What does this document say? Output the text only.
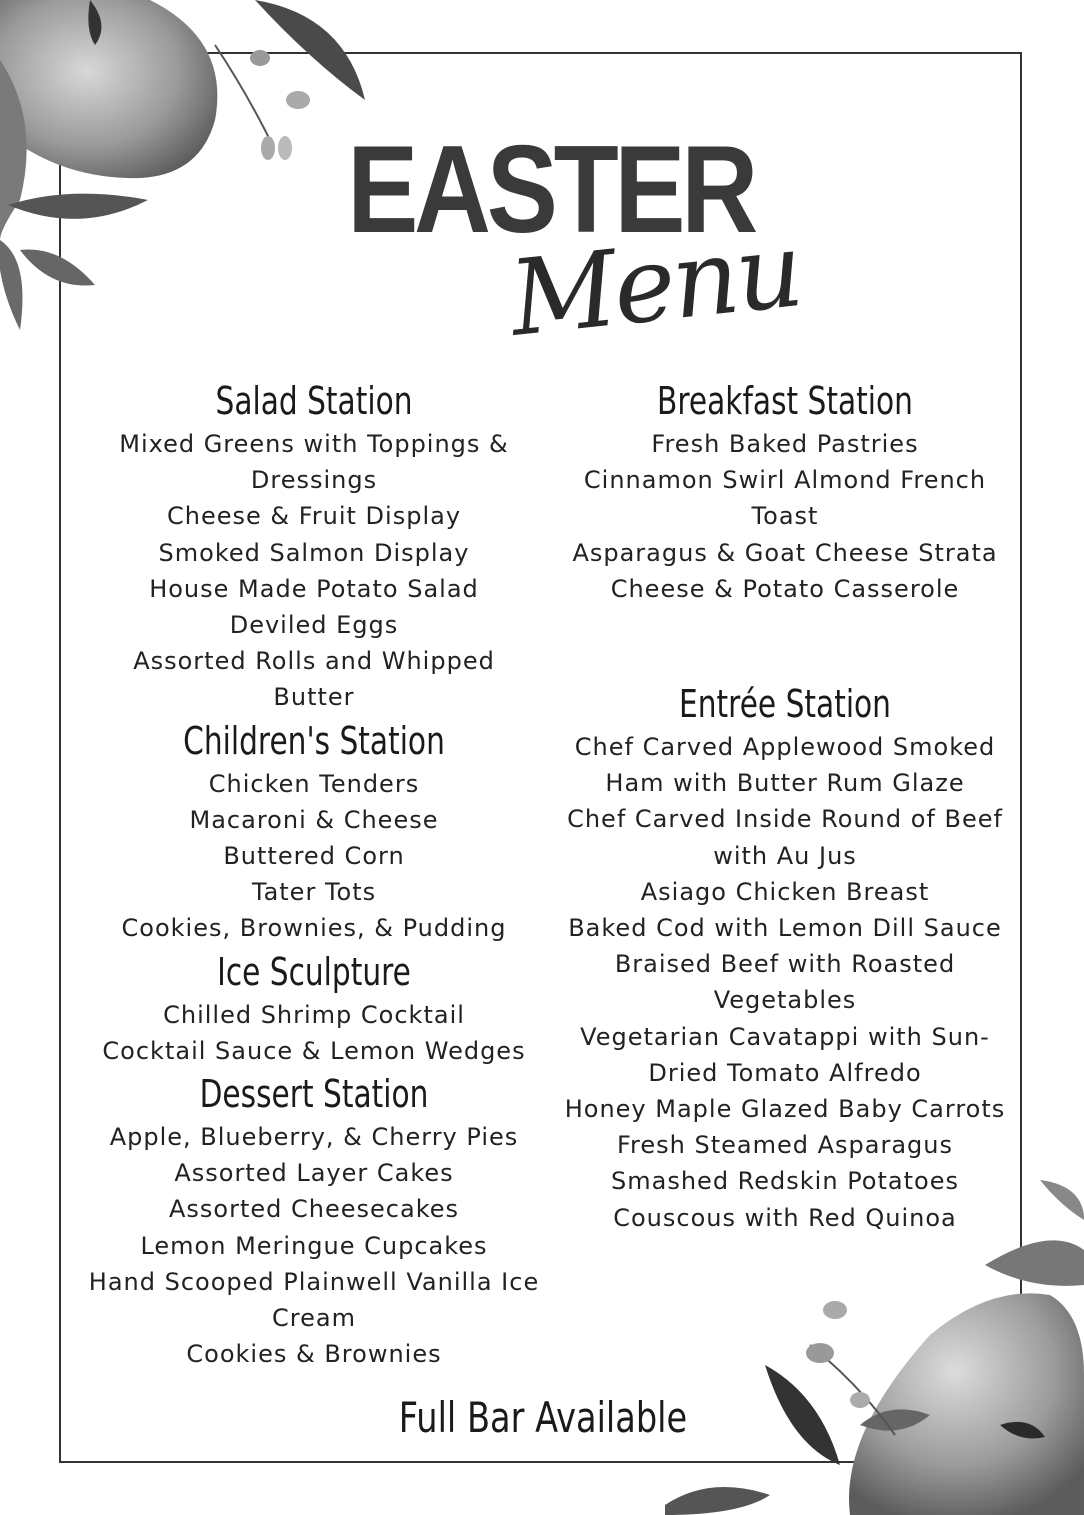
EASTER
Menu
Salad Station
Mixed Greens with Toppings &
Dressings
Cheese & Fruit Display
Smoked Salmon Display
House Made Potato Salad
Deviled Eggs
Assorted Rolls and Whipped
Butter
Children's Station
Chicken Tenders
Macaroni & Cheese
Buttered Corn
Tater Tots
Cookies, Brownies, & Pudding
Ice Sculpture
Chilled Shrimp Cocktail
Cocktail Sauce & Lemon Wedges
Dessert Station
Apple, Blueberry, & Cherry Pies
Assorted Layer Cakes
Assorted Cheesecakes
Lemon Meringue Cupcakes
Hand Scooped Plainwell Vanilla Ice
Cream
Cookies & Brownies
Breakfast Station
Fresh Baked Pastries
Cinnamon Swirl Almond French
Toast
Asparagus & Goat Cheese Strata
Cheese & Potato Casserole
Entrée Station
Chef Carved Applewood Smoked
Ham with Butter Rum Glaze
Chef Carved Inside Round of Beef
with Au Jus
Asiago Chicken Breast
Baked Cod with Lemon Dill Sauce
Braised Beef with Roasted
Vegetables
Vegetarian Cavatappi with Sun-
Dried Tomato Alfredo
Honey Maple Glazed Baby Carrots
Fresh Steamed Asparagus
Smashed Redskin Potatoes
Couscous with Red Quinoa
Full Bar Available
